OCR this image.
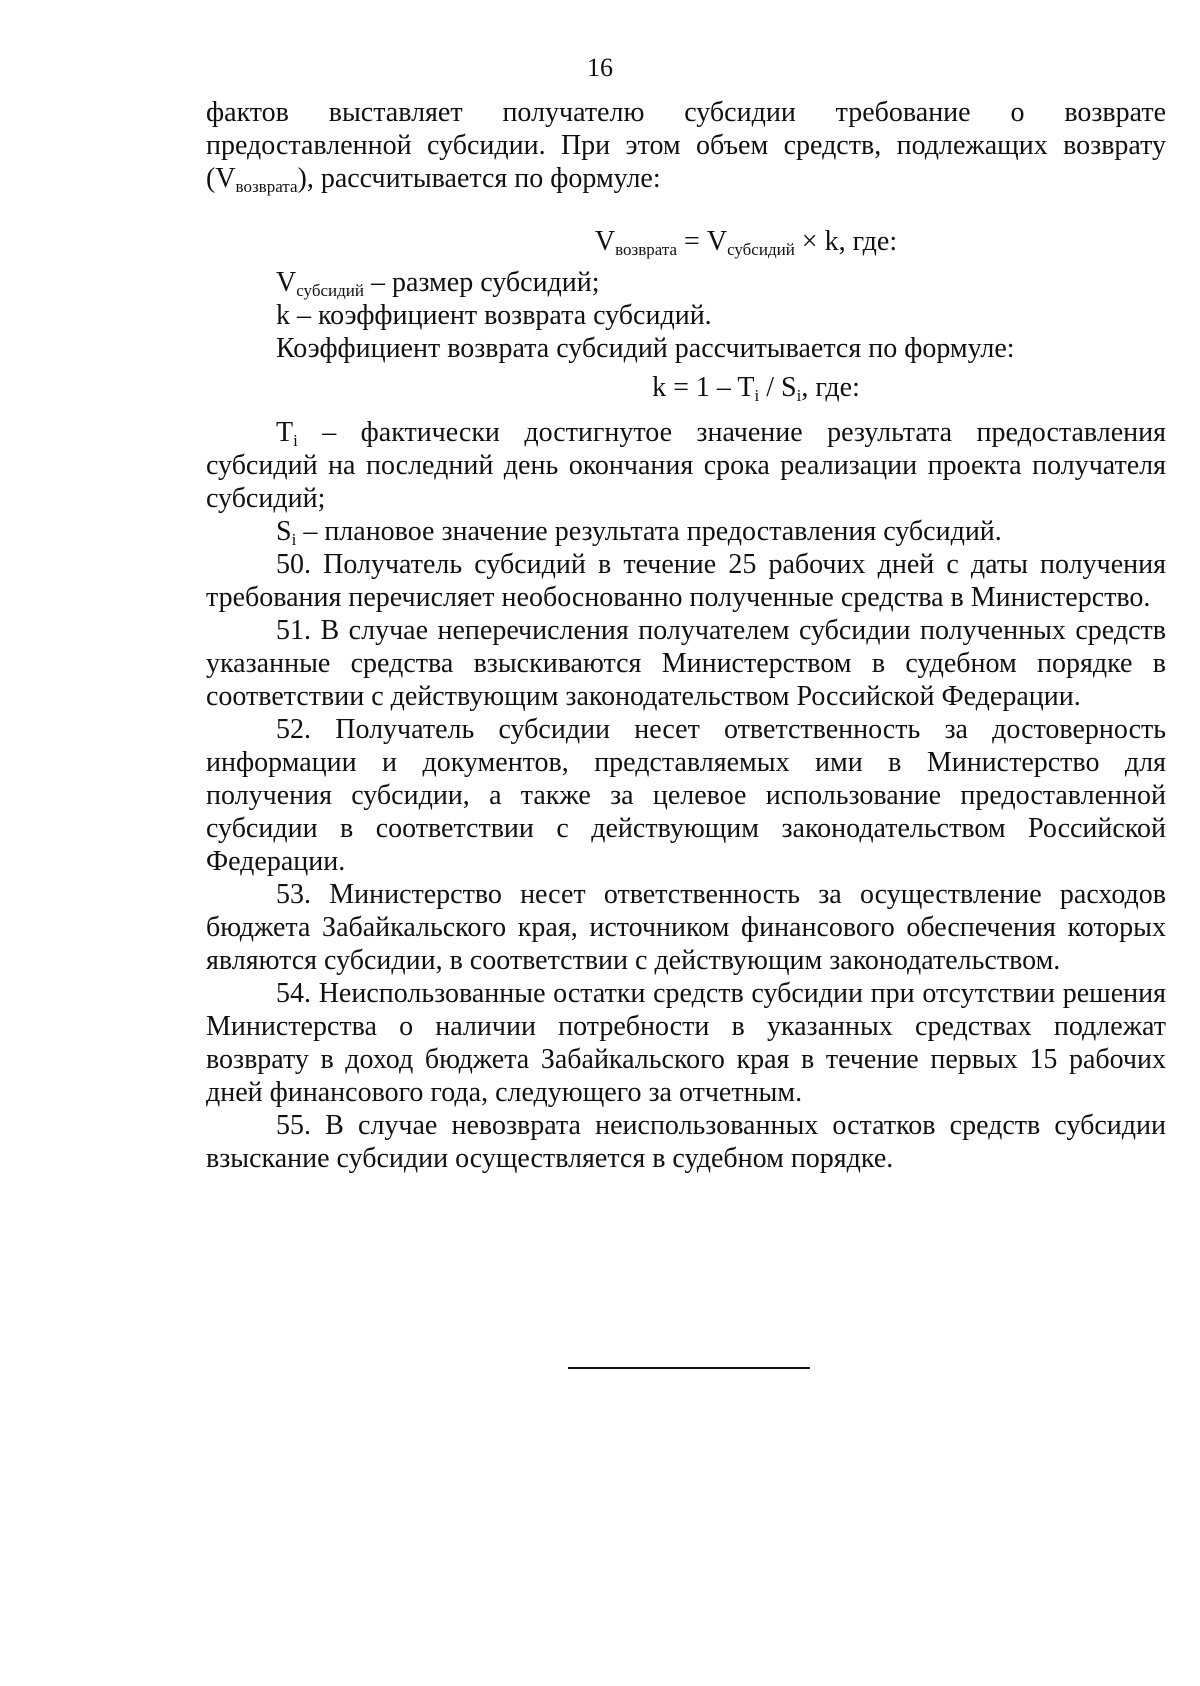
16

фактов выставляет получателю субсидии требование о возврате предоставленной субсидии. При этом объем средств, подлежащих возврату $(V_{возврата})$, рассчитывается по формуле:

$V_{возврата} = V_{субсидий} \times k$, где:

$V_{субсидий}$ – размер субсидий;

k – коэффициент возврата субсидий.

Коэффициент возврата субсидий рассчитывается по формуле:

$k = 1 - T_i / S_i$, где:

$T_i$ – фактически достигнутое значение результата предоставления субсидий на последний день окончания срока реализации проекта получателя субсидий;

$S_i$ – плановое значение результата предоставления субсидий.

50. Получатель субсидий в течение 25 рабочих дней с даты получения требования перечисляет необоснованно полученные средства в Министерство.

51. В случае неперечисления получателем субсидии полученных средств указанные средства взыскиваются Министерством в судебном порядке в соответствии с действующим законодательством Российской Федерации.

52. Получатель субсидии несет ответственность за достоверность информации и документов, представляемых ими в Министерство для получения субсидии, а также за целевое использование предоставленной субсидии в соответствии с действующим законодательством Российской Федерации.

53. Министерство несет ответственность за осуществление расходов бюджета Забайкальского края, источником финансового обеспечения которых являются субсидии, в соответствии с действующим законодательством.

54. Неиспользованные остатки средств субсидии при отсутствии решения Министерства о наличии потребности в указанных средствах подлежат возврату в доход бюджета Забайкальского края в течение первых 15 рабочих дней финансового года, следующего за отчетным.

55. В случае невозврата неиспользованных остатков средств субсидии взыскание субсидии осуществляется в судебном порядке.
